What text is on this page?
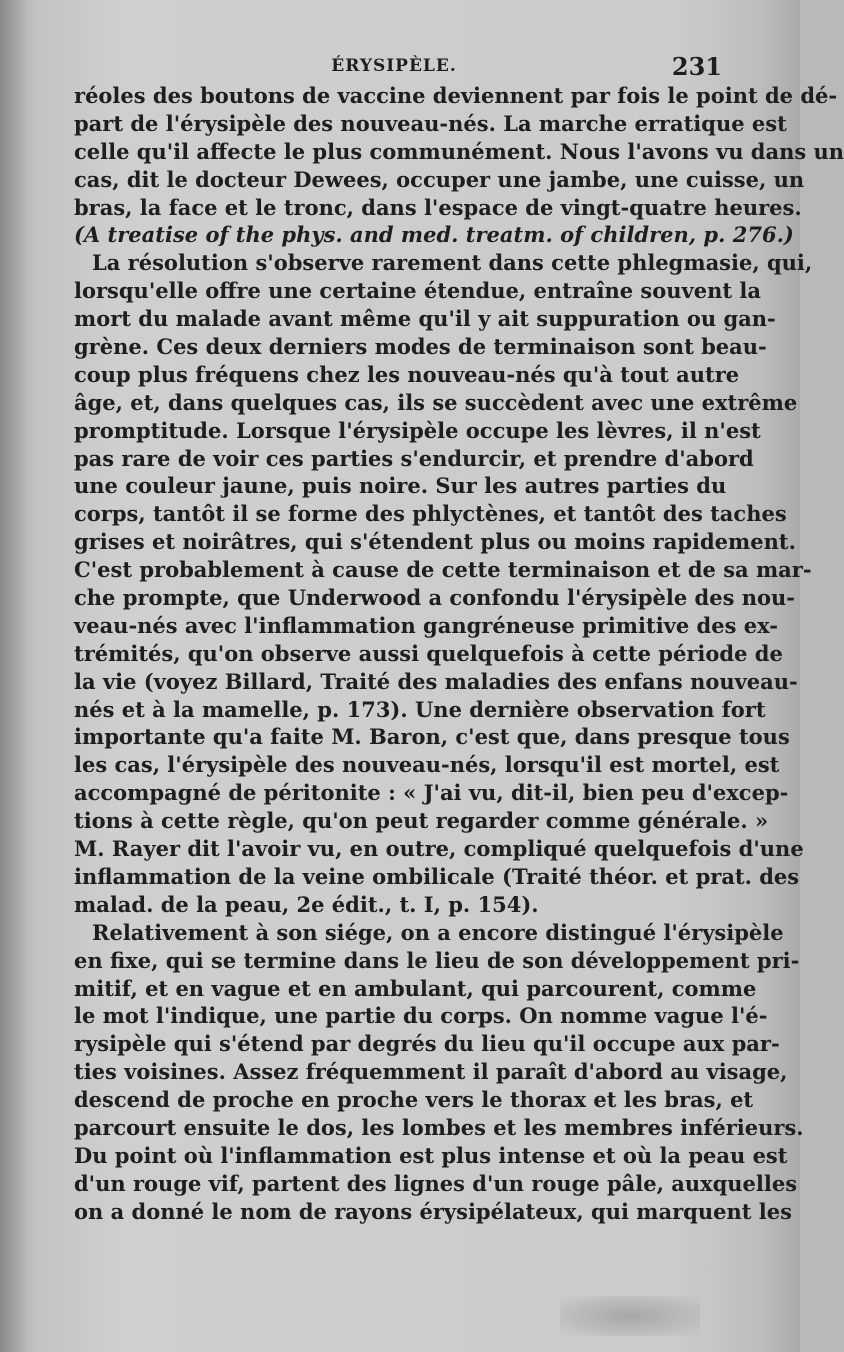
ÉRYSIPÈLE.	231
réoles des boutons de vaccine deviennent par fois le point de dé-
part de l'érysipèle des nouveau-nés. La marche erratique est
celle qu'il affecte le plus communément. Nous l'avons vu dans un
cas, dit le docteur Dewees, occuper une jambe, une cuisse, un
bras, la face et le tronc, dans l'espace de vingt-quatre heures.
(A treatise of the phys. and med. treatm. of children, p. 276.)
La résolution s'observe rarement dans cette phlegmasie, qui,
lorsqu'elle offre une certaine étendue, entraîne souvent la
mort du malade avant même qu'il y ait suppuration ou gan-
grène. Ces deux derniers modes de terminaison sont beau-
coup plus fréquens chez les nouveau-nés qu'à tout autre
âge, et, dans quelques cas, ils se succèdent avec une extrême
promptitude. Lorsque l'érysipèle occupe les lèvres, il n'est
pas rare de voir ces parties s'endurcir, et prendre d'abord
une couleur jaune, puis noire. Sur les autres parties du
corps, tantôt il se forme des phlyctènes, et tantôt des taches
grises et noirâtres, qui s'étendent plus ou moins rapidement.
C'est probablement à cause de cette terminaison et de sa mar-
che prompte, que Underwood a confondu l'érysipèle des nou-
veau-nés avec l'inflammation gangréneuse primitive des ex-
trémités, qu'on observe aussi quelquefois à cette période de
la vie (voyez Billard, Traité des maladies des enfans nouveau-
nés et à la mamelle, p. 173). Une dernière observation fort
importante qu'a faite M. Baron, c'est que, dans presque tous
les cas, l'érysipèle des nouveau-nés, lorsqu'il est mortel, est
accompagné de péritonite : « J'ai vu, dit-il, bien peu d'excep-
tions à cette règle, qu'on peut regarder comme générale. »
M. Rayer dit l'avoir vu, en outre, compliqué quelquefois d'une
inflammation de la veine ombilicale (Traité théor. et prat. des
malad. de la peau, 2e édit., t. I, p. 154).
Relativement à son siége, on a encore distingué l'érysipèle
en fixe, qui se termine dans le lieu de son développement pri-
mitif, et en vague et en ambulant, qui parcourent, comme
le mot l'indique, une partie du corps. On nomme vague l'é-
rysipèle qui s'étend par degrés du lieu qu'il occupe aux par-
ties voisines. Assez fréquemment il paraît d'abord au visage,
descend de proche en proche vers le thorax et les bras, et
parcourt ensuite le dos, les lombes et les membres inférieurs.
Du point où l'inflammation est plus intense et où la peau est
d'un rouge vif, partent des lignes d'un rouge pâle, auxquelles
on a donné le nom de rayons érysipélateux, qui marquent les
